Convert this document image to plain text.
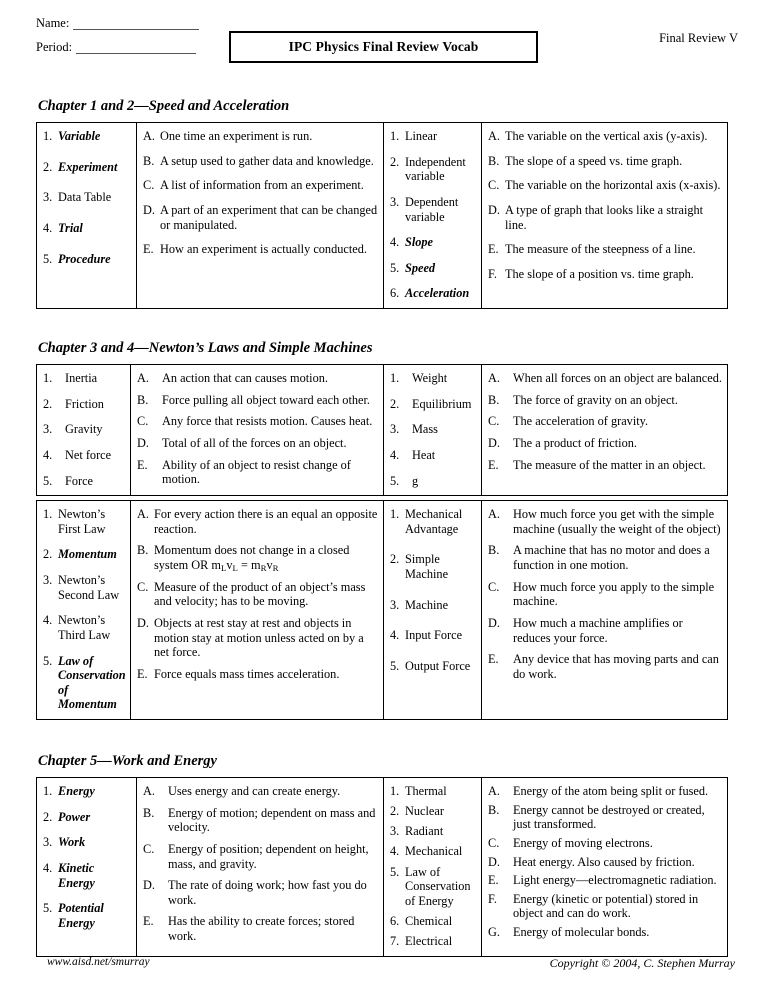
Name:
Period:	IPC Physics Final Review Vocab
Final Review V
Chapter 1 and 2—Speed and Acceleration
1. Variable
2. Experiment
3. Data Table
4. Trial
5. Procedure

A. One time an experiment is run.
B. A setup used to gather data and knowledge.
C. A list of information from an experiment.
D. A part of an experiment that can be changed or manipulated.
E. How an experiment is actually conducted.

1. Linear
2. Independent variable
3. Dependent variable
4. Slope
5. Speed
6. Acceleration

A. The variable on the vertical axis (y-axis).
B. The slope of a speed vs. time graph.
C. The variable on the horizontal axis (x-axis).
D. A type of graph that looks like a straight line.
E. The measure of the steepness of a line.
F. The slope of a position vs. time graph.
Chapter 3 and 4—Newton’s Laws and Simple Machines
1.	Inertia
2.	Friction
3.	Gravity
4.	Net force
5.	Force

A.	An action that can causes motion.
B.	Force pulling all object toward each other.
C.	Any force that resists motion. Causes heat.
D.	Total of all of the forces on an object.
E.	Ability of an object to resist change of motion.

1.	Weight
2.	Equilibrium
3.	Mass
4.	Heat
5.	g

A.	When all forces on an object are balanced.
B.	The force of gravity on an object.
C.	The acceleration of gravity.
D.	The a product of friction.
E.	The measure of the matter in an object.
1. Newton’s First Law
2. Momentum
3. Newton’s Second Law
4. Newton’s Third Law
5. Law of Conservation of Momentum

A. For every action there is an equal an opposite reaction.
B. Momentum does not change in a closed system OR $m_Lv_L = m_Rv_R$
C. Measure of the product of an object’s mass and velocity; has to be moving.
D. Objects at rest stay at rest and objects in motion stay at motion unless acted on by a net force.
E. Force equals mass times acceleration.

1. Mechanical Advantage
2. Simple Machine
3. Machine
4. Input Force
5. Output Force

A.	How much force you get with the simple machine (usually the weight of the object)
B.	A machine that has no motor and does a function in one motion.
C.	How much force you apply to the simple machine.
D.	How much a machine amplifies or reduces your force.
E.	Any device that has moving parts and can do work.
Chapter 5—Work and Energy
1. Energy
2. Power
3. Work
4. Kinetic Energy
5. Potential Energy

A.	Uses energy and can create energy.
B.	Energy of motion; dependent on mass and velocity.
C.	Energy of position; dependent on height, mass, and gravity.
D.	The rate of doing work; how fast you do work.
E.	Has the ability to create forces; stored work.

1. Thermal
2. Nuclear
3. Radiant
4. Mechanical
5. Law of Conservation of Energy
6. Chemical
7. Electrical

A.	Energy of the atom being split or fused.
B.	Energy cannot be destroyed or created, just transformed.
C.	Energy of moving electrons.
D.	Heat energy. Also caused by friction.
E.	Light energy—electromagnetic radiation.
F.	Energy (kinetic or potential) stored in object and can do work.
G.	Energy of molecular bonds.
www.aisd.net/smurray	Copyright © 2004, C. Stephen Murray
